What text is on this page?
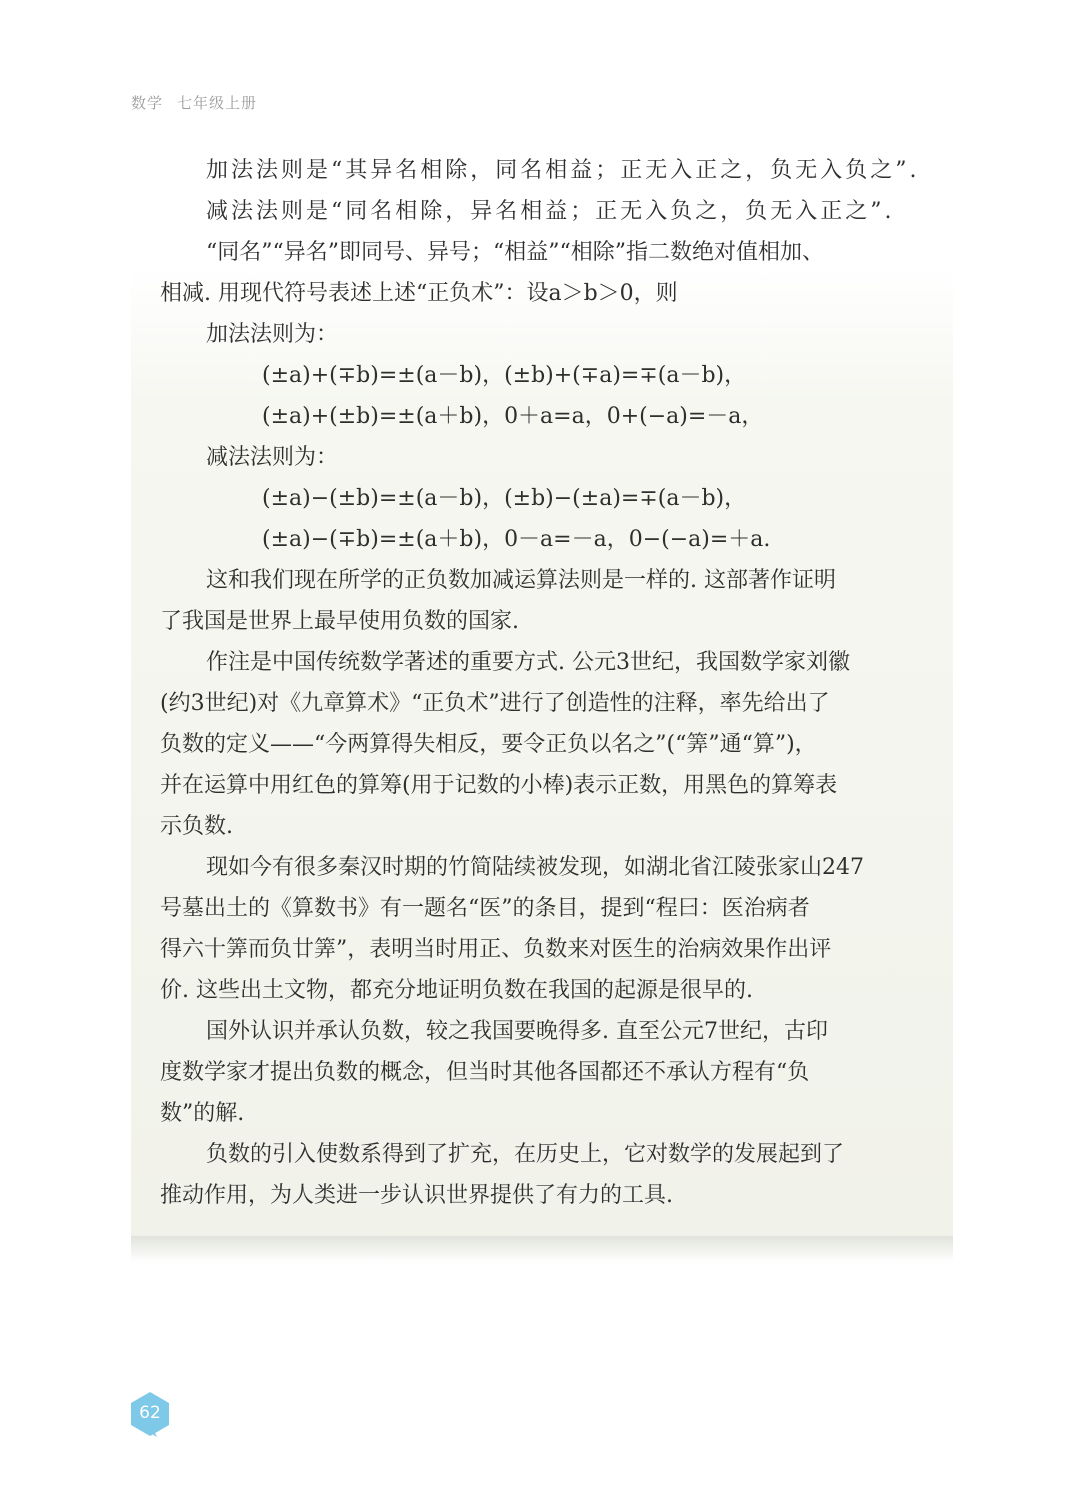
数学 七年级上册
加法法则是“其异名相除，同名相益；正无入正之，负无入负之”.
减法法则是“同名相除，异名相益；正无入负之，负无入正之”.
“同名”“异名”即同号、异号；“相益”“相除”指二数绝对值相加、
相减. 用现代符号表述上述“正负术”：设a＞b＞0，则
加法法则为：
(±a)+(∓b)=±(a－b)，(±b)+(∓a)=∓(a－b)，
(±a)+(±b)=±(a＋b)，0＋a=a，0+(−a)=－a，
减法法则为：
(±a)−(±b)=±(a－b)，(±b)−(±a)=∓(a－b)，
(±a)−(∓b)=±(a＋b)，0－a=－a，0−(−a)=＋a.
这和我们现在所学的正负数加减运算法则是一样的. 这部著作证明
了我国是世界上最早使用负数的国家.
作注是中国传统数学著述的重要方式. 公元3世纪，我国数学家刘徽
(约3世纪)对《九章算术》“正负术”进行了创造性的注释，率先给出了
负数的定义——“今两算得失相反，要令正负以名之”(“筭”通“算”)，
并在运算中用红色的算筹(用于记数的小棒)表示正数，用黑色的算筹表
示负数.
现如今有很多秦汉时期的竹简陆续被发现，如湖北省江陵张家山247
号墓出土的《算数书》有一题名“医”的条目，提到“程曰：医治病者
得六十筭而负廿筭”，表明当时用正、负数来对医生的治病效果作出评
价. 这些出土文物，都充分地证明负数在我国的起源是很早的.
国外认识并承认负数，较之我国要晚得多. 直至公元7世纪，古印
度数学家才提出负数的概念，但当时其他各国都还不承认方程有“负
数”的解.
负数的引入使数系得到了扩充，在历史上，它对数学的发展起到了
推动作用，为人类进一步认识世界提供了有力的工具.
62
